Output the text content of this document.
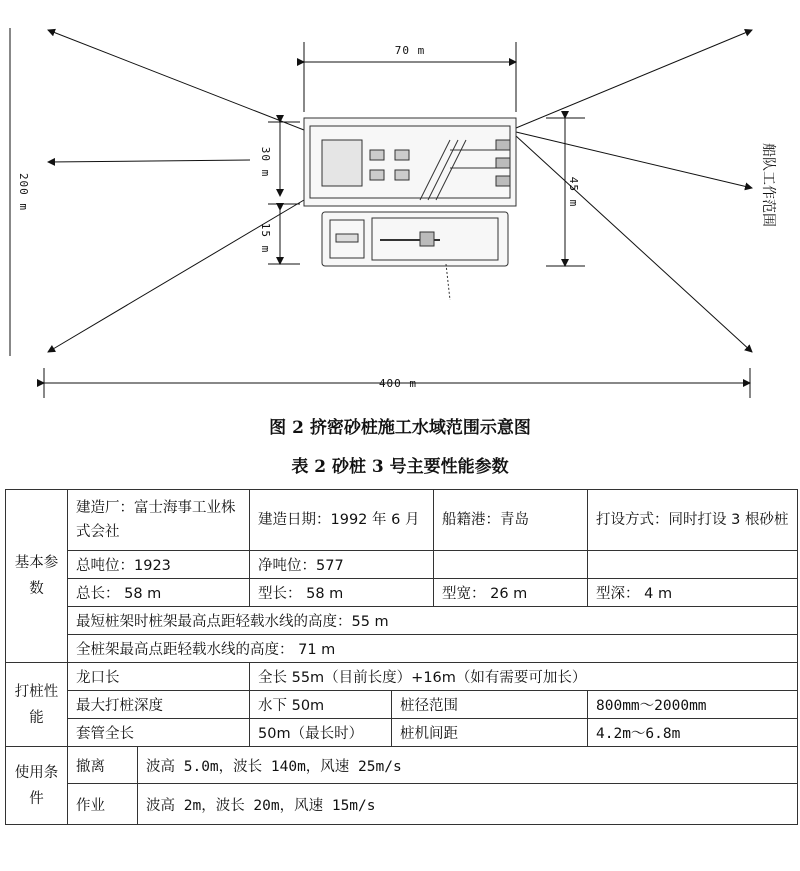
70 m
400 m
200 m	45 m
30 m
15 m
船队工作范围
图 2 挤密砂桩施工水域范围示意图
表 2 砂桩 3 号主要性能参数
基本参数	建造厂：富士海事工业株式会社		建造日期：1992 年 6 月		船籍港：青岛	打设方式：同时打设 3 根砂桩
	总吨位：1923		净吨位：577			
	总长： 58 m		型长： 58 m		型宽： 26 m	型深： 4 m
	最短桩架时桩架最高点距轻载水线的高度：55 m					
	全桩架最高点距轻载水线的高度： 71 m					
打桩性能	龙口长		全长 55m（目前长度）+16m（如有需要可加长）			
	最大打桩深度		水下 50m	桩径范围		800mm～2000mm
	套管全长		50m（最长时）	桩机间距		4.2m～6.8m
使用条件	撤离	波高 5.0m，波长 140m，风速 25m/s				
	作业	波高 2m，波长 20m，风速 15m/s				
